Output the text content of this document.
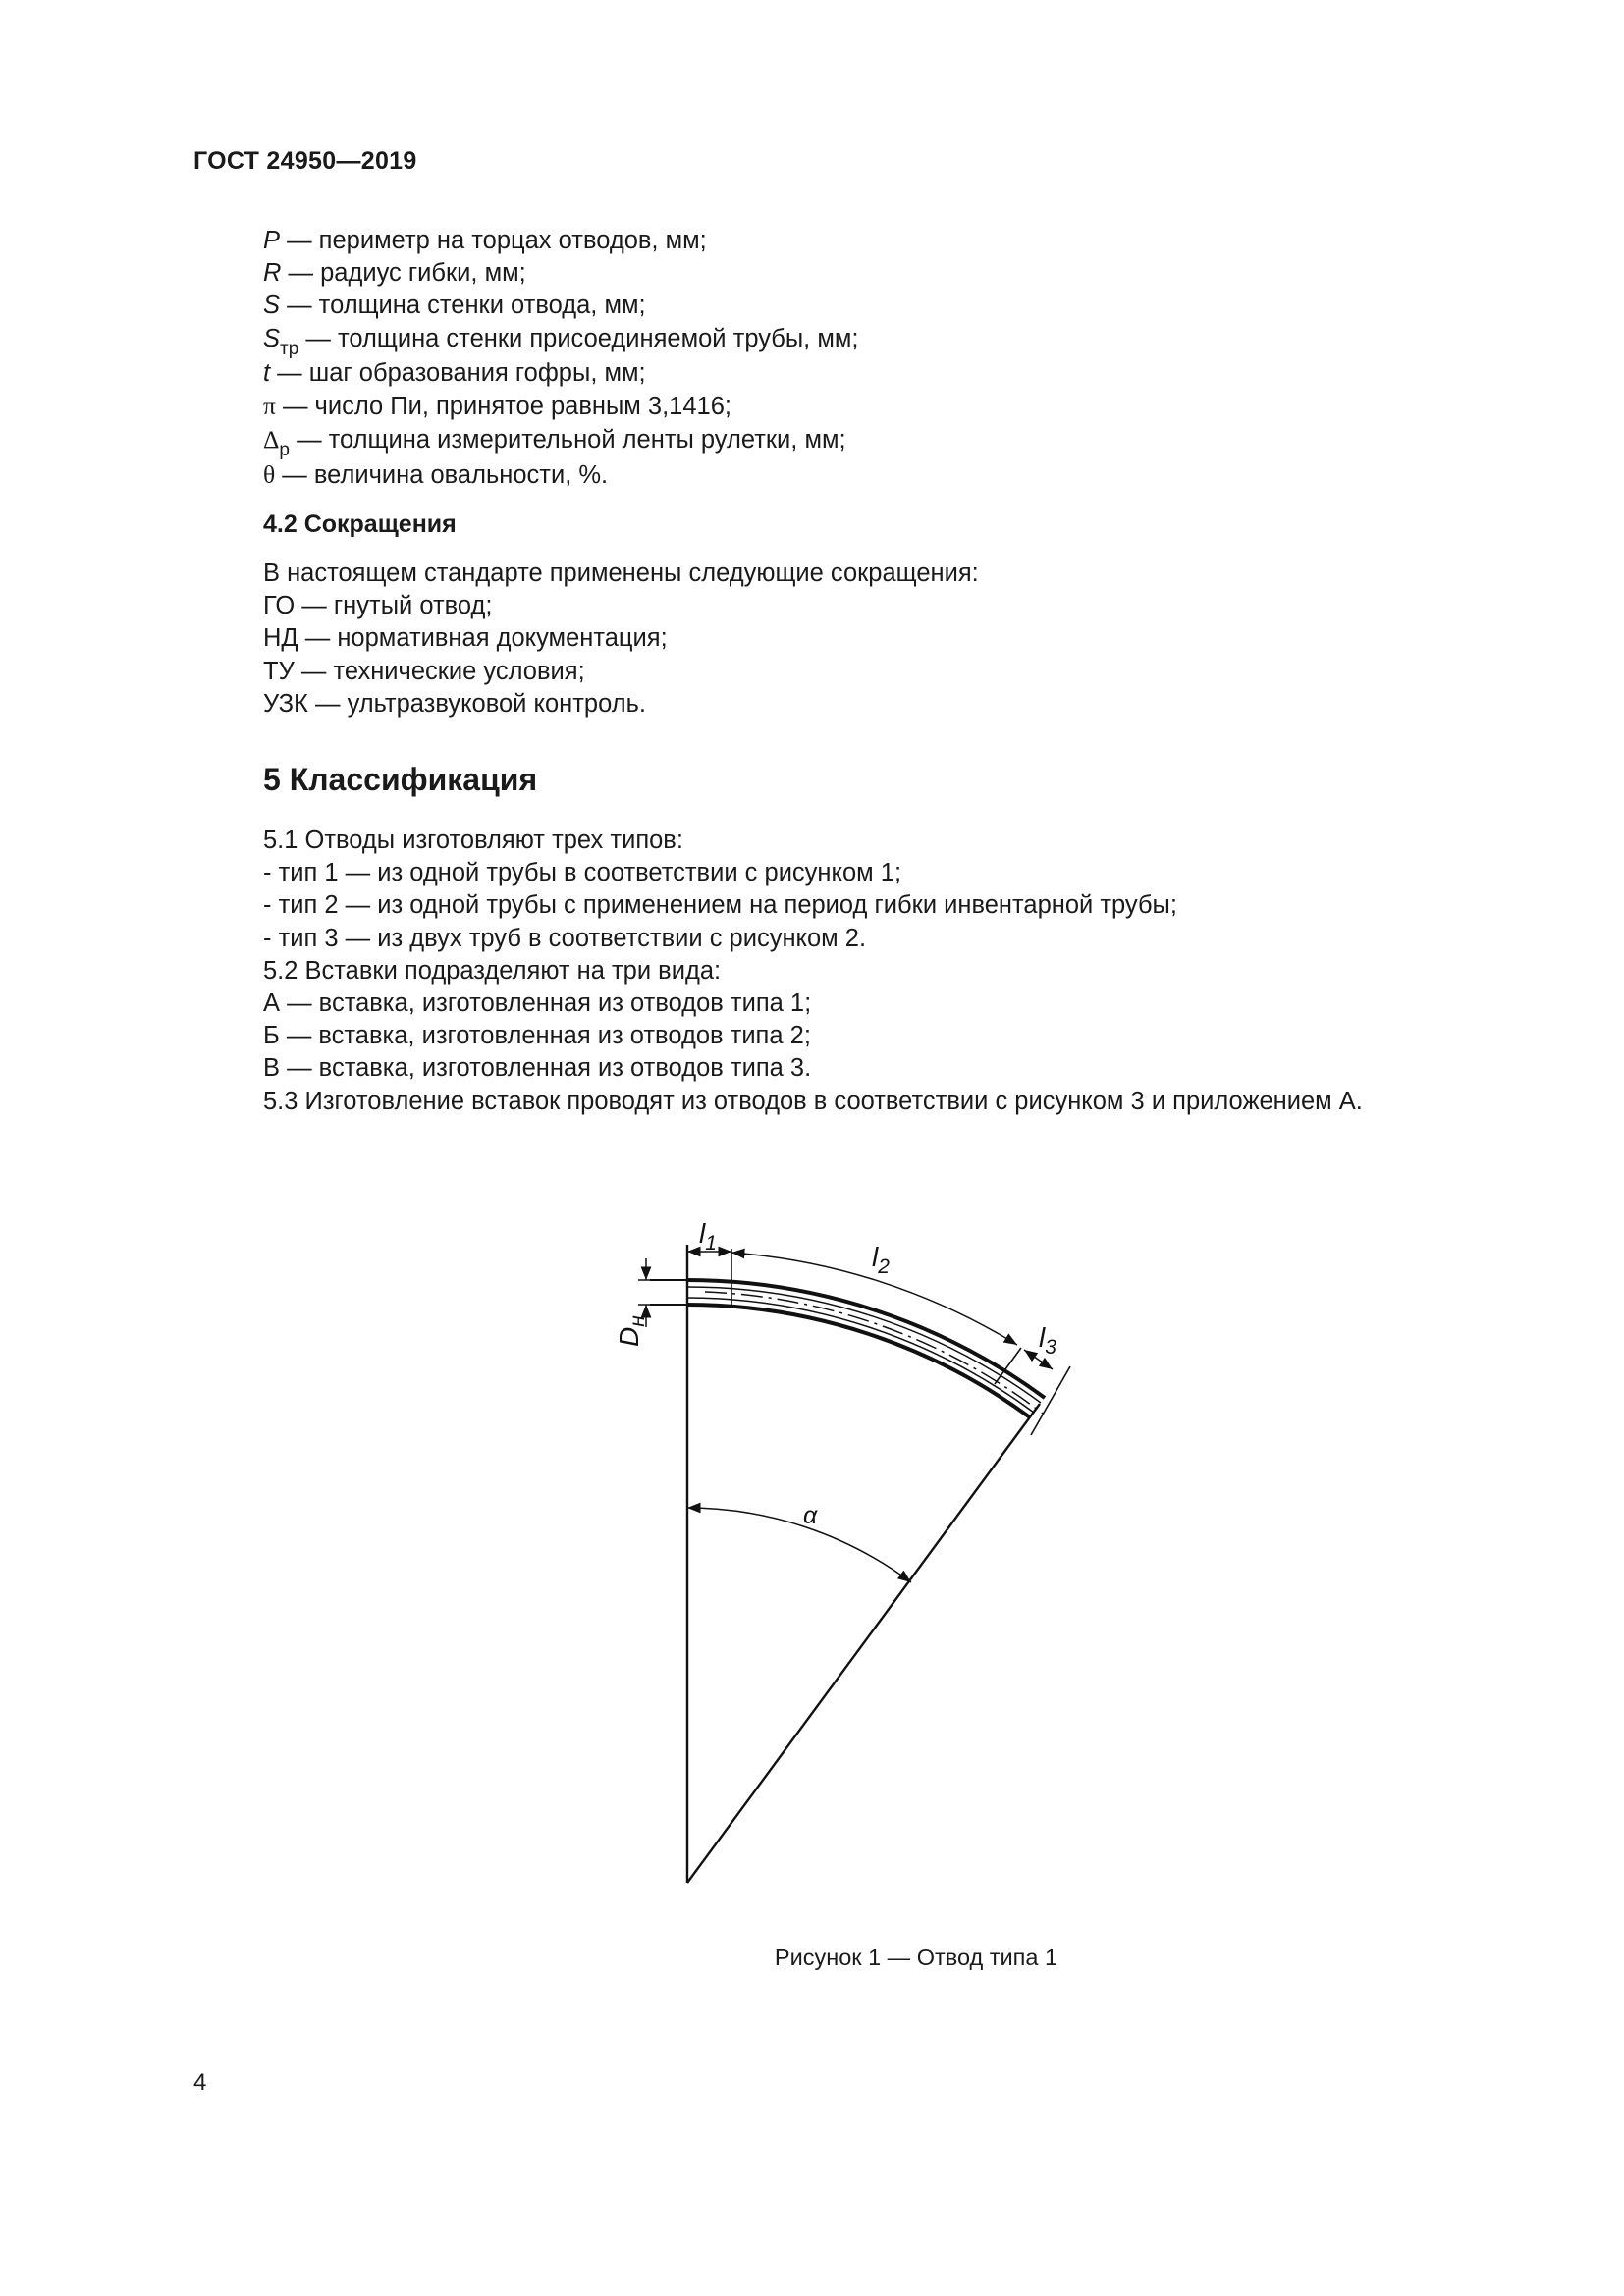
ГОСТ 24950—2019
P — периметр на торцах отводов, мм;
R — радиус гибки, мм;
S — толщина стенки отвода, мм;
$S_{тр}$ — толщина стенки присоединяемой трубы, мм;
t — шаг образования гофры, мм;
π — число Пи, принятое равным 3,1416;
$\Delta_р$ — толщина измерительной ленты рулетки, мм;
θ — величина овальности, %.
4.2 Сокращения
В настоящем стандарте применены следующие сокращения:
ГО — гнутый отвод;
НД — нормативная документация;
ТУ — технические условия;
УЗК — ультразвуковой контроль.
5 Классификация
5.1 Отводы изготовляют трех типов:
- тип 1 — из одной трубы в соответствии с рисунком 1;
- тип 2 — из одной трубы с применением на период гибки инвентарной трубы;
- тип 3 — из двух труб в соответствии с рисунком 2.
5.2 Вставки подразделяют на три вида:
А — вставка, изготовленная из отводов типа 1;
Б — вставка, изготовленная из отводов типа 2;
В — вставка, изготовленная из отводов типа 3.
5.3 Изготовление вставок проводят из отводов в соответствии с рисунком 3 и приложением А.
$l_1$	$l_2$
$l_3$
$D_н$
α
Рисунок 1 — Отвод типа 1
4
